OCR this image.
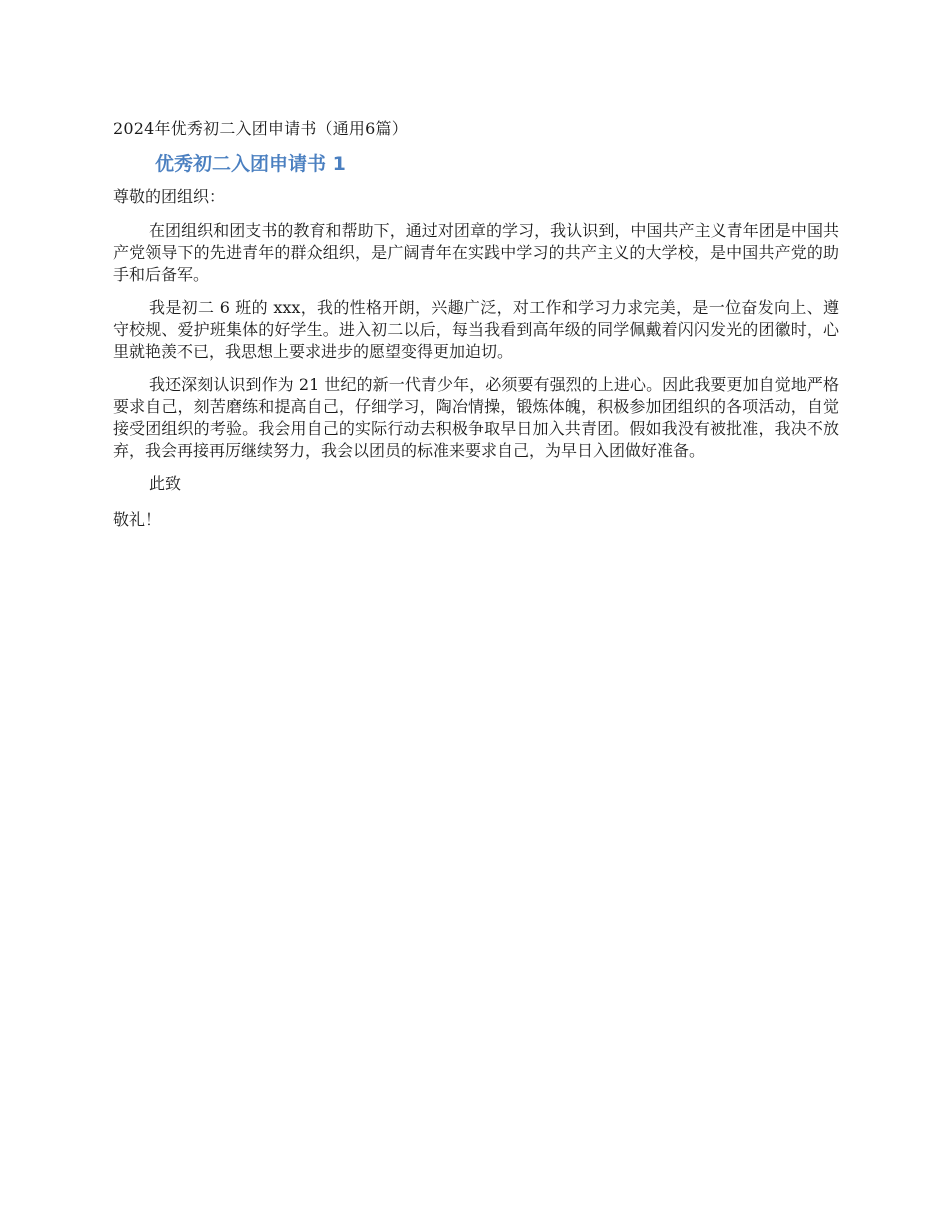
2024年优秀初二入团申请书（通用6篇）
优秀初二入团申请书 1
尊敬的团组织：

在团组织和团支书的教育和帮助下，通过对团章的学习，我认识到，中国共产主义青年团是中国共产党领导下的先进青年的群众组织，是广阔青年在实践中学习的共产主义的大学校，是中国共产党的助手和后备军。

我是初二 6 班的 xxx，我的性格开朗，兴趣广泛，对工作和学习力求完美，是一位奋发向上、遵守校规、爱护班集体的好学生。进入初二以后，每当我看到高年级的同学佩戴着闪闪发光的团徽时，心里就艳羡不已，我思想上要求进步的愿望变得更加迫切。

我还深刻认识到作为 21 世纪的新一代青少年，必须要有强烈的上进心。因此我要更加自觉地严格要求自己，刻苦磨练和提高自己，仔细学习，陶冶情操，锻炼体魄，积极参加团组织的各项活动，自觉接受团组织的考验。我会用自己的实际行动去积极争取早日加入共青团。假如我没有被批准，我决不放弃，我会再接再厉继续努力，我会以团员的标准来要求自己，为早日入团做好准备。

此致
敬礼！
